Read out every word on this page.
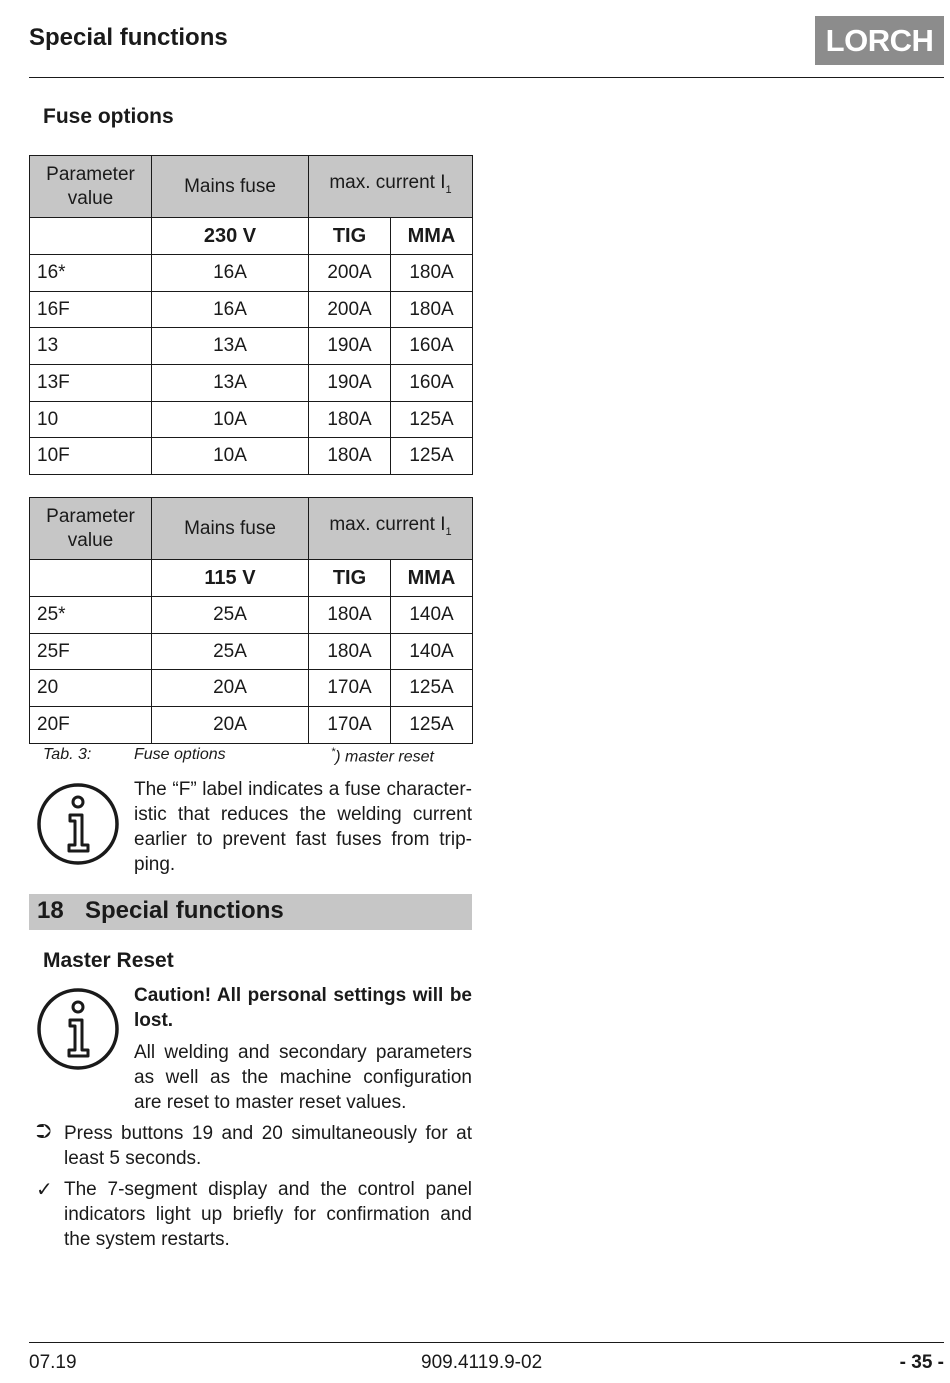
Special functions	LORCH
Fuse options
Parameter value	Mains fuse	max. current $I_1$
	230 V	TIG	MMA
16*	16A	200A	180A
16F	16A	200A	180A
13	13A	190A	160A
13F	13A	190A	160A
10	10A	180A	125A
10F	10A	180A	125A
Parameter value	Mains fuse	max. current $I_1$
	115 V	TIG	MMA
25*	25A	180A	140A
25F	25A	180A	140A
20	20A	170A	125A
20F	20A	170A	125A
Tab. 3:	Fuse options	*) master reset
The “F” label indicates a fuse character-
istic that reduces the welding current
earlier to prevent fast fuses from trip-
ping.
18 Special functions
Master Reset
Caution! All personal settings will be
lost.
All welding and secondary parameters
as well as the machine configuration
are reset to master reset values.
⮊ Press buttons 19 and 20 simultaneously for at
least 5 seconds.
✓ The 7-segment display and the control panel
indicators light up briefly for confirmation and
the system restarts.
07.19	909.4119.9-02	- 35 -
